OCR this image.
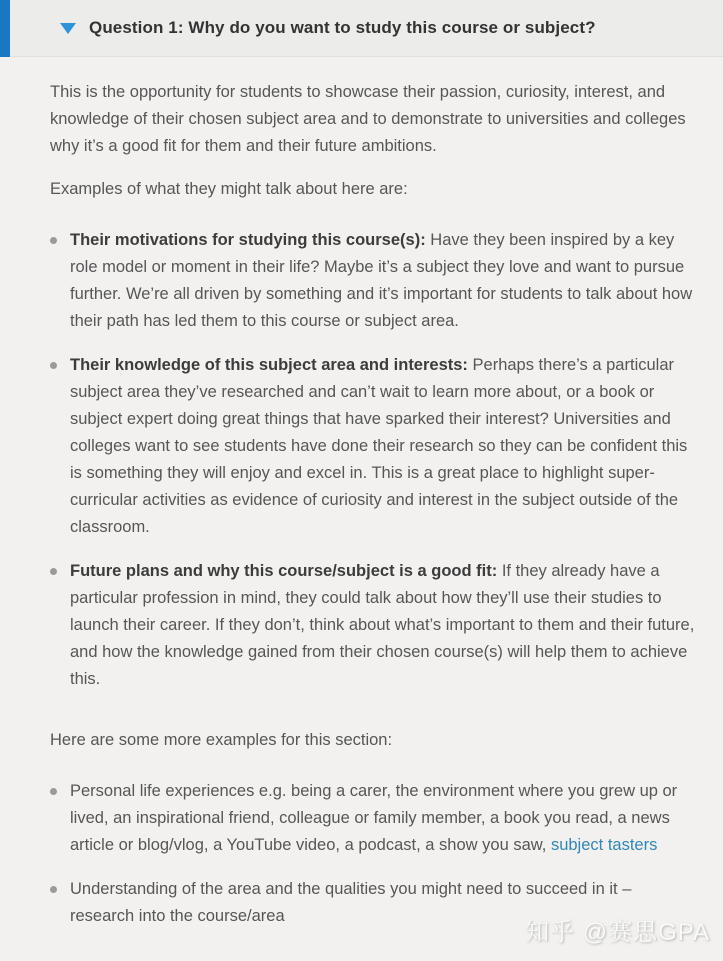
Question 1: Why do you want to study this course or subject?

This is the opportunity for students to showcase their passion, curiosity, interest, and knowledge of their chosen subject area and to demonstrate to universities and colleges why it’s a good fit for them and their future ambitions.

Examples of what they might talk about here are:

Their motivations for studying this course(s): Have they been inspired by a key role model or moment in their life? Maybe it’s a subject they love and want to pursue further. We’re all driven by something and it’s important for students to talk about how their path has led them to this course or subject area.
Their knowledge of this subject area and interests: Perhaps there’s a particular subject area they’ve researched and can’t wait to learn more about, or a book or subject expert doing great things that have sparked their interest? Universities and colleges want to see students have done their research so they can be confident this is something they will enjoy and excel in. This is a great place to highlight super-curricular activities as evidence of curiosity and interest in the subject outside of the classroom.
Future plans and why this course/subject is a good fit: If they already have a particular profession in mind, they could talk about how they’ll use their studies to launch their career. If they don’t, think about what’s important to them and their future, and how the knowledge gained from their chosen course(s) will help them to achieve this.

Here are some more examples for this section:

Personal life experiences e.g. being a carer, the environment where you grew up or lived, an inspirational friend, colleague or family member, a book you read, a news article or blog/vlog, a YouTube video, a podcast, a show you saw, subject tasters
Understanding of the area and the qualities you might need to succeed in it – research into the course/area
知乎 @赛思GPA
